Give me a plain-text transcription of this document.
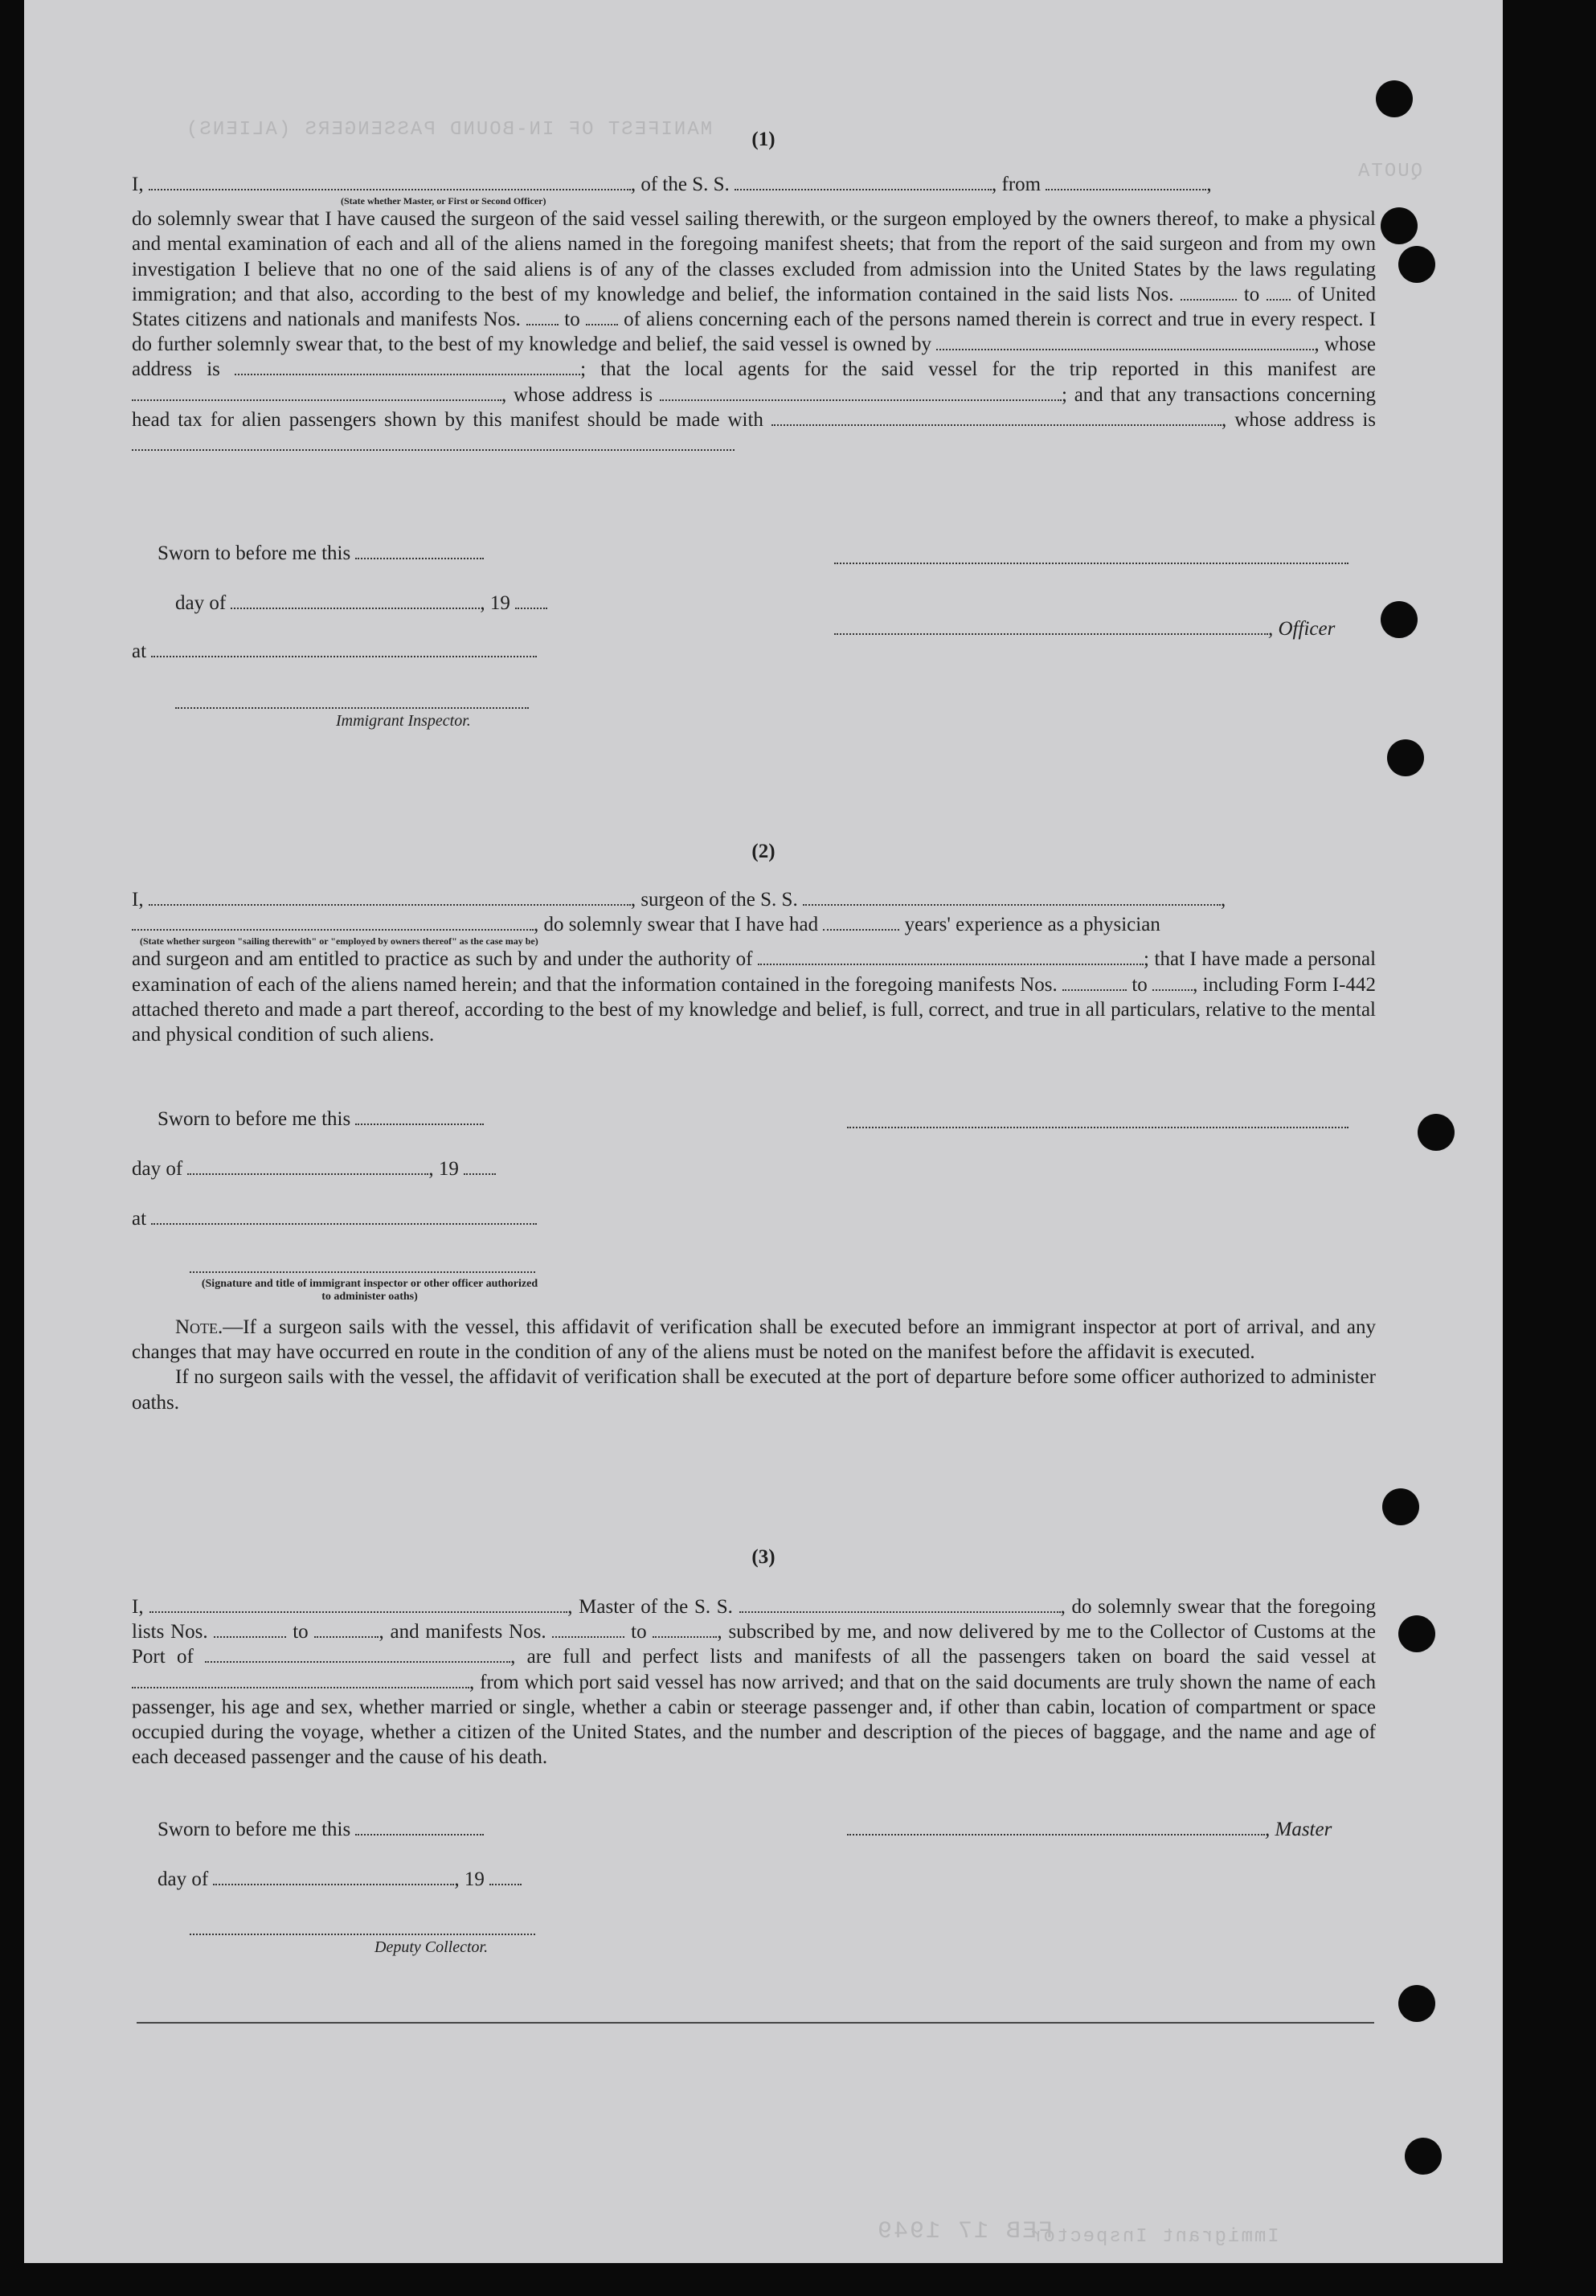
MANIFEST OF IN-BOUND PASSENGERS (ALIENS)
QUOTA
FEB 17 1949
Immigrant Inspector
(1)
I,	, of the S. S.	, from	,
(State whether Master, or First or Second Officer)
do solemnly swear that I have caused the surgeon of the said vessel sailing therewith, or the surgeon employed by the owners thereof, to make a physical and mental examination of each and all of the aliens named in the foregoing manifest sheets; that from the report of the said surgeon and from my own investigation I believe that no one of the said aliens is of any of the classes excluded from admission into the United States by the laws regulating immigration; and that also, according to the best of my knowledge and belief, the information contained in the said lists Nos.	to of United States citizens and nationals and manifests Nos. to of aliens concerning each of the persons named therein is correct and true in every respect. I do further solemnly swear that, to the best of my knowledge and belief, the said vessel is owned by	, whose address is	; that the local agents for the said vessel for the trip reported in this manifest are , whose address is	; and that any transactions concerning head tax for alien passengers shown by this manifest should be made with	, whose address is
Sworn to before me this
day of	, 19
, Officer
at
Immigrant Inspector.
(2)
I,	, surgeon of the S. S.	,
, do solemnly swear that I have had	years' experience as a physician
(State whether surgeon "sailing therewith" or "employed by owners thereof" as the case may be)
and surgeon and am entitled to practice as such by and under the authority of	; that I have made a personal examination of each of the aliens named herein; and that the information contained in the foregoing manifests Nos.	to , including Form I-442 attached thereto and made a part thereof, according to the best of my knowledge and belief, is full, correct, and true in all particulars, relative to the mental and physical condition of such aliens.
Sworn to before me this
day of	, 19
at
(Signature and title of immigrant inspector or other officer authorized to administer oaths)
Note.—If a surgeon sails with the vessel, this affidavit of verification shall be executed before an immigrant inspector at port of arrival, and any changes that may have occurred en route in the condition of any of the aliens must be noted on the manifest before the affidavit is executed.
If no surgeon sails with the vessel, the affidavit of verification shall be executed at the port of departure before some officer authorized to administer oaths.
(3)
I,	, Master of the S. S.	, do solemnly swear that the foregoing lists Nos.	to	, and manifests Nos.	to	, subscribed by me, and now delivered by me to the Collector of Customs at the Port of	, are full and perfect lists and manifests of all the passengers taken on board the said vessel at , from which port said vessel has now arrived; and that on the said documents are truly shown the name of each passenger, his age and sex, whether married or single, whether a cabin or steerage passenger and, if other than cabin, location of compartment or space occupied during the voyage, whether a citizen of the United States, and the number and description of the pieces of baggage, and the name and age of each deceased passenger and the cause of his death.
Sworn to before me this	, Master
day of	, 19
Deputy Collector.
